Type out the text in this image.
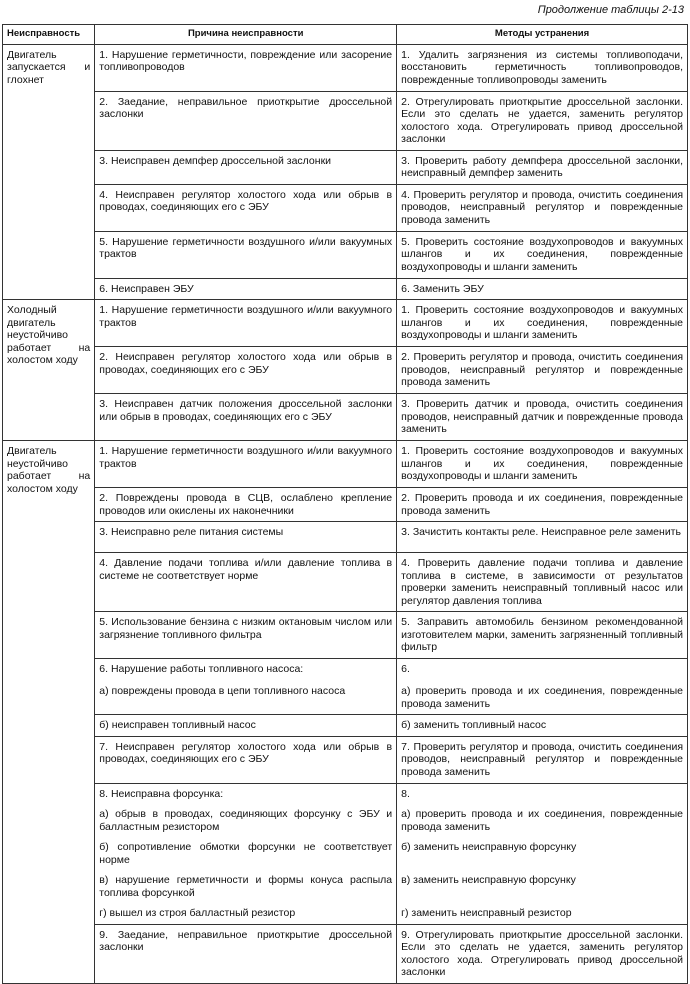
Продолжение таблицы 2-13
Неисправность	Причина неисправности	Методы устранения
Двигатель запускается и глохнет	1. Нарушение герметичности, повреждение или засорение топливопроводов	1. Удалить загрязнения из системы топливоподачи, восстановить герметичность топливопроводов, поврежденные топливопроводы заменить
	2. Заедание, неправильное приоткрытие дроссельной заслонки	2. Отрегулировать приоткрытие дроссельной заслонки. Если это сделать не удается, заменить регулятор холостого хода. Отрегулировать привод дроссельной заслонки
	3. Неисправен демпфер дроссельной заслонки	3. Проверить работу демпфера дроссельной заслонки, неисправный демпфер заменить
	4. Неисправен регулятор холостого хода или обрыв в проводах, соединяющих его с ЭБУ	4. Проверить регулятор и провода, очистить соединения проводов, неисправный регулятор и поврежденные провода заменить
	5. Нарушение герметичности воздушного и/или вакуумных трактов	5. Проверить состояние воздухопроводов и вакуумных шлангов и их соединения, поврежденные воздухопроводы и шланги заменить
	6. Неисправен ЭБУ	6. Заменить ЭБУ
Холодный двигатель неустойчиво работает на холостом ходу	1. Нарушение герметичности воздушного и/или вакуумного трактов	1. Проверить состояние воздухопроводов и вакуумных шлангов и их соединения, поврежденные воздухопроводы и шланги заменить
	2. Неисправен регулятор холостого хода или обрыв в проводах, соединяющих его с ЭБУ	2. Проверить регулятор и провода, очистить соединения проводов, неисправный регулятор и поврежденные провода заменить
	3. Неисправен датчик положения дроссельной заслонки или обрыв в проводах, соединяющих его с ЭБУ	3. Проверить датчик и провода, очистить соединения проводов, неисправный датчик и поврежденные провода заменить
Двигатель неустойчиво работает на холостом ходу	1. Нарушение герметичности воздушного и/или вакуумного трактов	1. Проверить состояние воздухопроводов и вакуумных шлангов и их соединения, поврежденные воздухопроводы и шланги заменить
	2. Повреждены провода в СЦВ, ослаблено крепление проводов или окислены их наконечники	2. Проверить провода и их соединения, поврежденные провода заменить
	3. Неисправно реле питания системы	3. Зачистить контакты реле. Неисправное реле заменить
	4. Давление подачи топлива и/или давление топлива в системе не соответствует норме	4. Проверить давление подачи топлива и давление топлива в системе, в зависимости от результатов проверки заменить неисправный топливный насос или регулятор давления топлива
	5. Использование бензина с низким октановым числом или загрязнение топливного фильтра	5. Заправить автомобиль бензином рекомендованной изготовителем марки, заменить загрязненный топливный фильтр
	6. Нарушение работы топливного насоса:	6.
	а) повреждены провода в цепи топливного насоса	а) проверить провода и их соединения, поврежденные провода заменить
	б) неисправен топливный насос	б) заменить топливный насос
	7. Неисправен регулятор холостого хода или обрыв в проводах, соединяющих его с ЭБУ	7. Проверить регулятор и провода, очистить соединения проводов, неисправный регулятор и поврежденные провода заменить
	8. Неисправна форсунка:	8.
	а) обрыв в проводах, соединяющих форсунку с ЭБУ и балластным резистором	а) проверить провода и их соединения, поврежденные провода заменить
	б) сопротивление обмотки форсунки не соответствует норме	б) заменить неисправную форсунку
	в) нарушение герметичности и формы конуса распыла топлива форсункой	в) заменить неисправную форсунку
	г) вышел из строя балластный резистор	г) заменить неисправный резистор
	9. Заедание, неправильное приоткрытие дроссельной заслонки	9. Отрегулировать приоткрытие дроссельной заслонки. Если это сделать не удается, заменить регулятор холостого хода. Отрегулировать привод дроссельной заслонки
